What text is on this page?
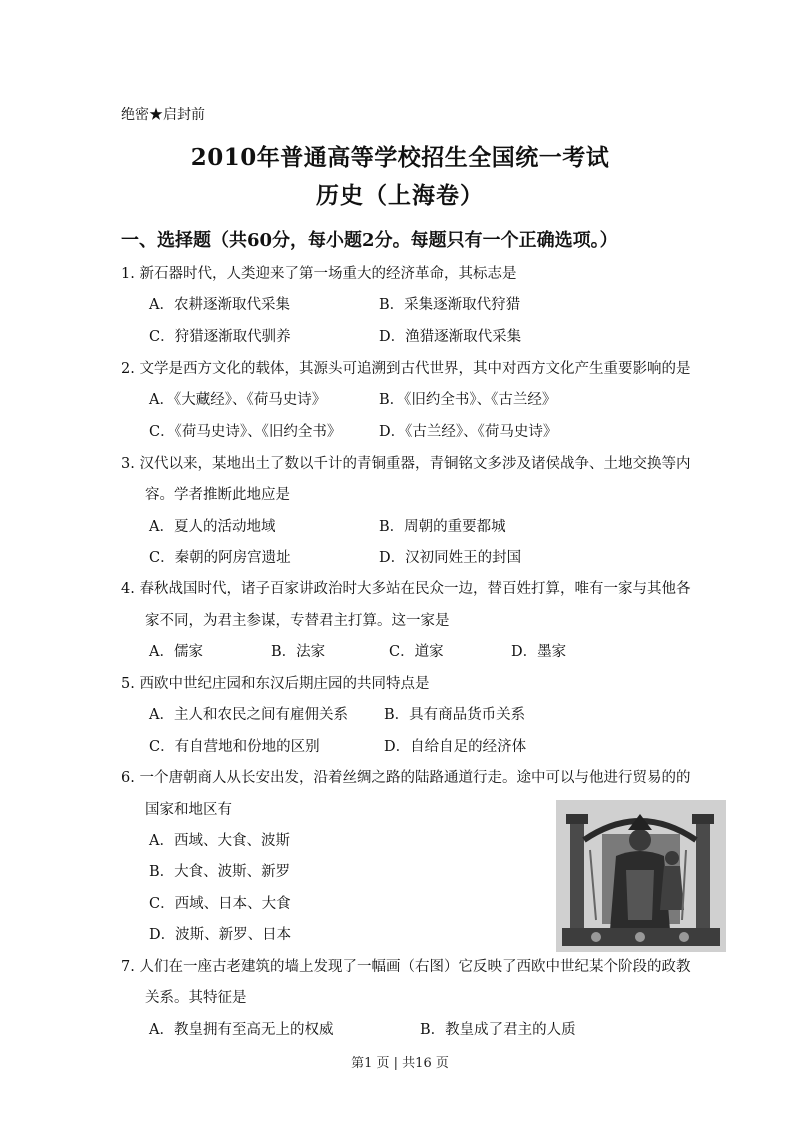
绝密★启封前
2010年普通高等学校招生全国统一考试
历史（上海卷）
一、选择题（共60分，每小题2分。每题只有一个正确选项。）
1. 新石器时代，人类迎来了第一场重大的经济革命，其标志是
A．农耕逐渐取代采集	B．采集逐渐取代狩猎
C．狩猎逐渐取代驯养	D．渔猎逐渐取代采集
2. 文学是西方文化的载体，其源头可追溯到古代世界，其中对西方文化产生重要影响的是
A．《大藏经》、《荷马史诗》	B．《旧约全书》、《古兰经》
C．《荷马史诗》、《旧约全书》	D．《古兰经》、《荷马史诗》
3. 汉代以来，某地出土了数以千计的青铜重器，青铜铭文多涉及诸侯战争、土地交换等内
容。学者推断此地应是
A．夏人的活动地域	B．周朝的重要都城
C．秦朝的阿房宫遗址	D．汉初同姓王的封国
4. 春秋战国时代，诸子百家讲政治时大多站在民众一边，替百姓打算，唯有一家与其他各
家不同，为君主参谋，专替君主打算。这一家是
A．儒家	B．法家	C．道家	D．墨家
5. 西欧中世纪庄园和东汉后期庄园的共同特点是
A．主人和农民之间有雇佣关系 B．具有商品货币关系
C．有自营地和份地的区别	D．自给自足的经济体
6. 一个唐朝商人从长安出发，沿着丝绸之路的陆路通道行走。途中可以与他进行贸易的的
国家和地区有
A．西域、大食、波斯
B．大食、波斯、新罗
C．西域、日本、大食
D．波斯、新罗、日本
7. 人们在一座古老建筑的墙上发现了一幅画（右图）它反映了西欧中世纪某个阶段的政教
关系。其特征是
A．教皇拥有至高无上的权威	B．教皇成了君主的人质
第1 页 | 共16 页
